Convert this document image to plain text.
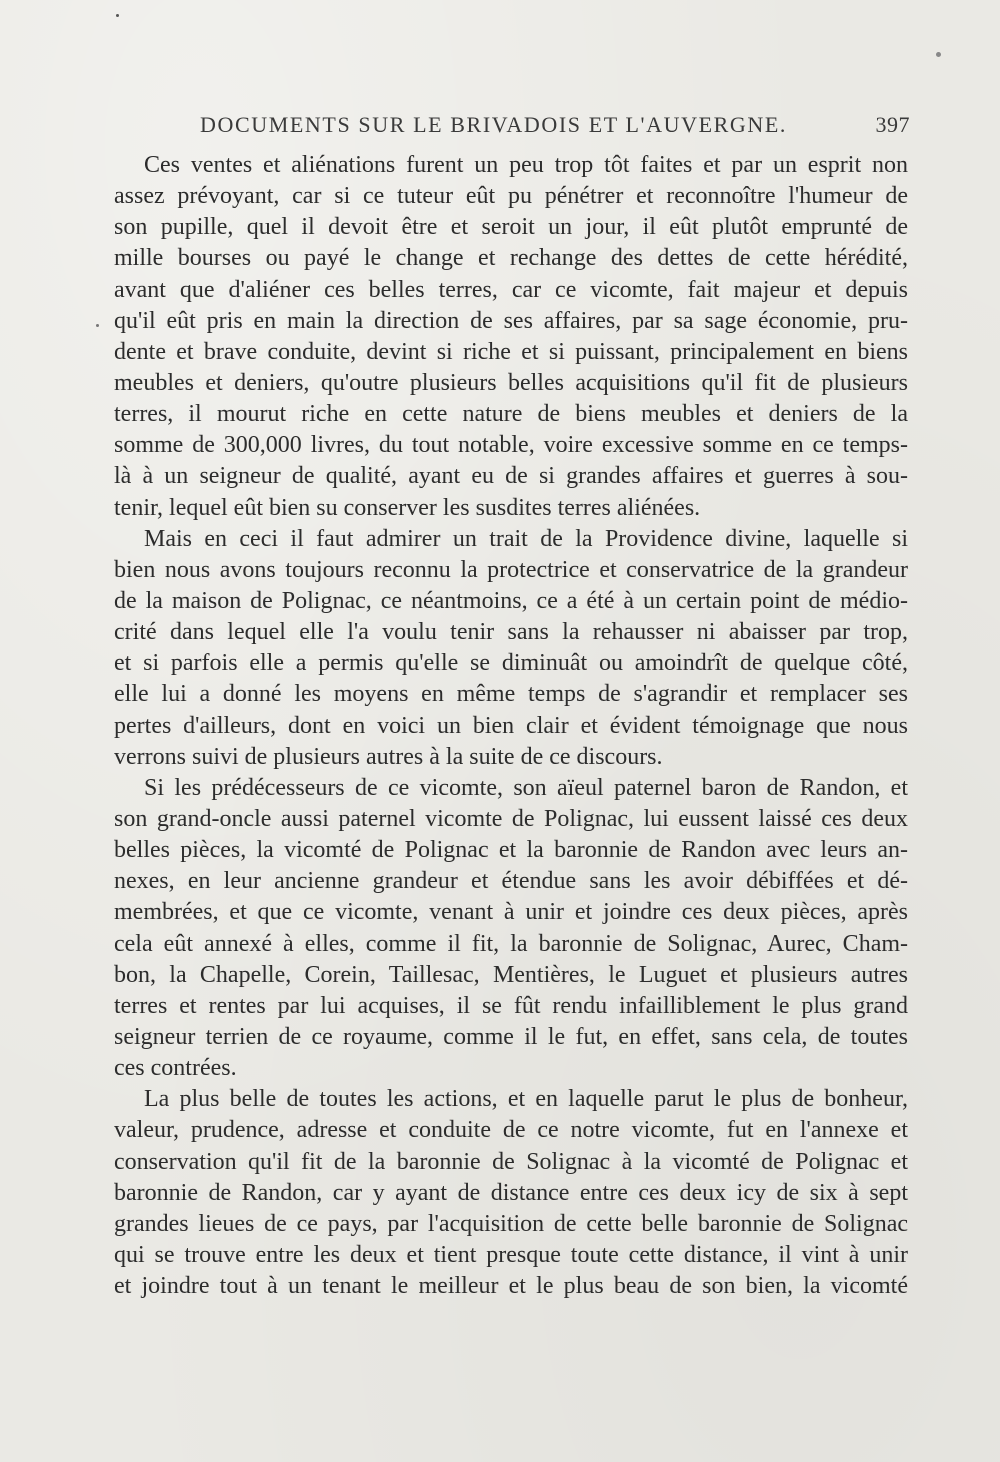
DOCUMENTS SUR LE BRIVADOIS ET L'AUVERGNE.	397
Ces ventes et aliénations furent un peu trop tôt faites et par un esprit non
assez prévoyant, car si ce tuteur eût pu pénétrer et reconnoître l'humeur de
son pupille, quel il devoit être et seroit un jour, il eût plutôt emprunté de
mille bourses ou payé le change et rechange des dettes de cette hérédité,
avant que d'aliéner ces belles terres, car ce vicomte, fait majeur et depuis
qu'il eût pris en main la direction de ses affaires, par sa sage économie, pru-
dente et brave conduite, devint si riche et si puissant, principalement en biens
meubles et deniers, qu'outre plusieurs belles acquisitions qu'il fit de plusieurs
terres, il mourut riche en cette nature de biens meubles et deniers de la
somme de 300,000 livres, du tout notable, voire excessive somme en ce temps-
là à un seigneur de qualité, ayant eu de si grandes affaires et guerres à sou-
tenir, lequel eût bien su conserver les susdites terres aliénées.
Mais en ceci il faut admirer un trait de la Providence divine, laquelle si
bien nous avons toujours reconnu la protectrice et conservatrice de la grandeur
de la maison de Polignac, ce néantmoins, ce a été à un certain point de médio-
crité dans lequel elle l'a voulu tenir sans la rehausser ni abaisser par trop,
et si parfois elle a permis qu'elle se diminuât ou amoindrît de quelque côté,
elle lui a donné les moyens en même temps de s'agrandir et remplacer ses
pertes d'ailleurs, dont en voici un bien clair et évident témoignage que nous
verrons suivi de plusieurs autres à la suite de ce discours.
Si les prédécesseurs de ce vicomte, son aïeul paternel baron de Randon, et
son grand-oncle aussi paternel vicomte de Polignac, lui eussent laissé ces deux
belles pièces, la vicomté de Polignac et la baronnie de Randon avec leurs an-
nexes, en leur ancienne grandeur et étendue sans les avoir débiffées et dé-
membrées, et que ce vicomte, venant à unir et joindre ces deux pièces, après
cela eût annexé à elles, comme il fit, la baronnie de Solignac, Aurec, Cham-
bon, la Chapelle, Corein, Taillesac, Mentières, le Luguet et plusieurs autres
terres et rentes par lui acquises, il se fût rendu infailliblement le plus grand
seigneur terrien de ce royaume, comme il le fut, en effet, sans cela, de toutes
ces contrées.
La plus belle de toutes les actions, et en laquelle parut le plus de bonheur,
valeur, prudence, adresse et conduite de ce notre vicomte, fut en l'annexe et
conservation qu'il fit de la baronnie de Solignac à la vicomté de Polignac et
baronnie de Randon, car y ayant de distance entre ces deux icy de six à sept
grandes lieues de ce pays, par l'acquisition de cette belle baronnie de Solignac
qui se trouve entre les deux et tient presque toute cette distance, il vint à unir
et joindre tout à un tenant le meilleur et le plus beau de son bien, la vicomté
